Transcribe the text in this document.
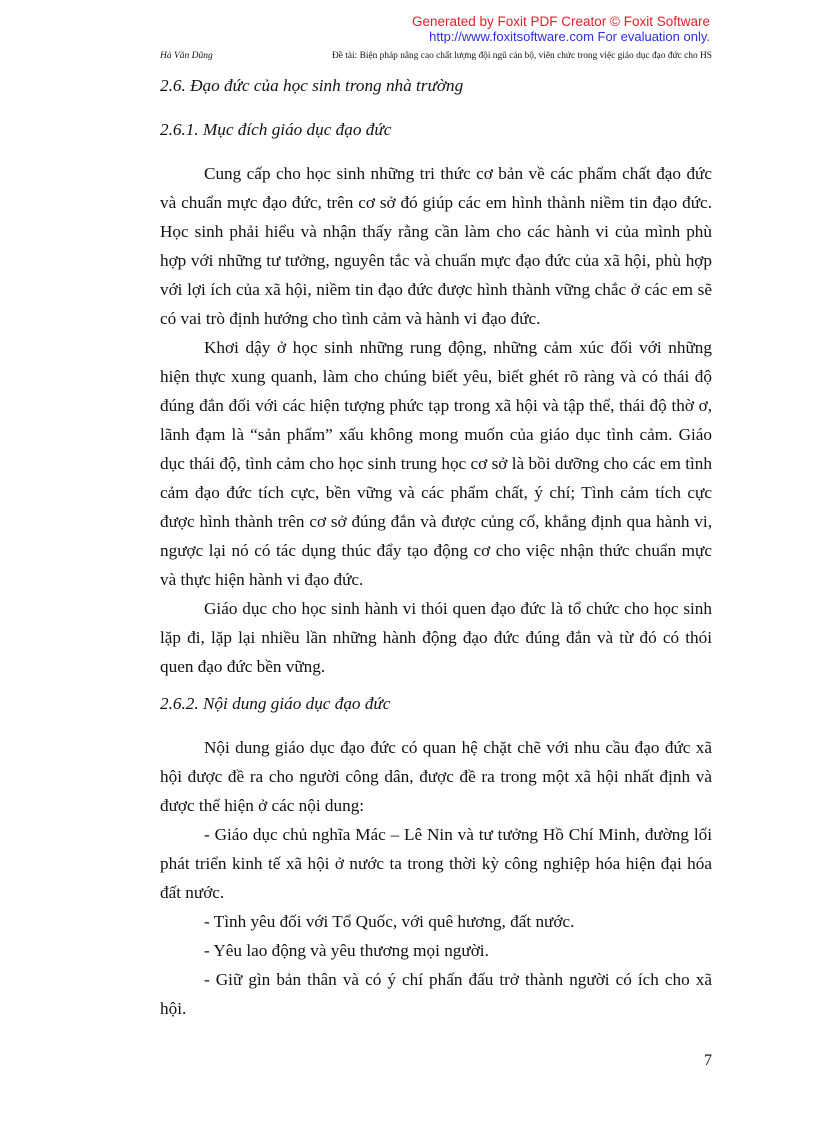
Generated by Foxit PDF Creator © Foxit Software
http://www.foxitsoftware.com For evaluation only.
Hà Văn Dũng	Đề tài: Biện pháp nâng cao chất lượng đội ngũ cán bộ, viên chức trong việc giáo dục đạo đức cho HS
2.6. Đạo đức của học sinh trong nhà trường
2.6.1. Mục đích giáo dục đạo đức

Cung cấp cho học sinh những tri thức cơ bản về các phẩm chất đạo đức và chuẩn mực đạo đức, trên cơ sở đó giúp các em hình thành niềm tin đạo đức. Học sinh phải hiểu và nhận thấy rằng cần làm cho các hành vi của mình phù hợp với những tư tưởng, nguyên tắc và chuẩn mực đạo đức của xã hội, phù hợp với lợi ích của xã hội, niềm tin đạo đức được hình thành vững chắc ở các em sẽ có vai trò định hướng cho tình cảm và hành vi đạo đức.

Khơi dậy ở học sinh những rung động, những cảm xúc đối với những hiện thực xung quanh, làm cho chúng biết yêu, biết ghét rõ ràng và có thái độ đúng đắn đối với các hiện tượng phức tạp trong xã hội và tập thể, thái độ thờ ơ, lãnh đạm là “sản phẩm” xấu không mong muốn của giáo dục tình cảm. Giáo dục thái độ, tình cảm cho học sinh trung học cơ sở là bồi dưỡng cho các em tình cảm đạo đức tích cực, bền vững và các phẩm chất, ý chí; Tình cảm tích cực được hình thành trên cơ sở đúng đắn và được củng cố, khẳng định qua hành vi, ngược lại nó có tác dụng thúc đẩy tạo động cơ cho việc nhận thức chuẩn mực và thực hiện hành vi đạo đức.

Giáo dục cho học sinh hành vi thói quen đạo đức là tổ chức cho học sinh lặp đi, lặp lại nhiều lần những hành động đạo đức đúng đắn và từ đó có thói quen đạo đức bền vững.

2.6.2. Nội dung giáo dục đạo đức

Nội dung giáo dục đạo đức có quan hệ chặt chẽ với nhu cầu đạo đức xã hội được đề ra cho người công dân, được đề ra trong một xã hội nhất định và được thể hiện ở các nội dung:

- Giáo dục chủ nghĩa Mác – Lê Nin và tư tưởng Hồ Chí Minh, đường lối phát triển kinh tế xã hội ở nước ta trong thời kỳ công nghiệp hóa hiện đại hóa đất nước.

- Tình yêu đối với Tổ Quốc, với quê hương, đất nước.

- Yêu lao động và yêu thương mọi người.

- Giữ gìn bản thân và có ý chí phấn đấu trở thành người có ích cho xã hội.

7
